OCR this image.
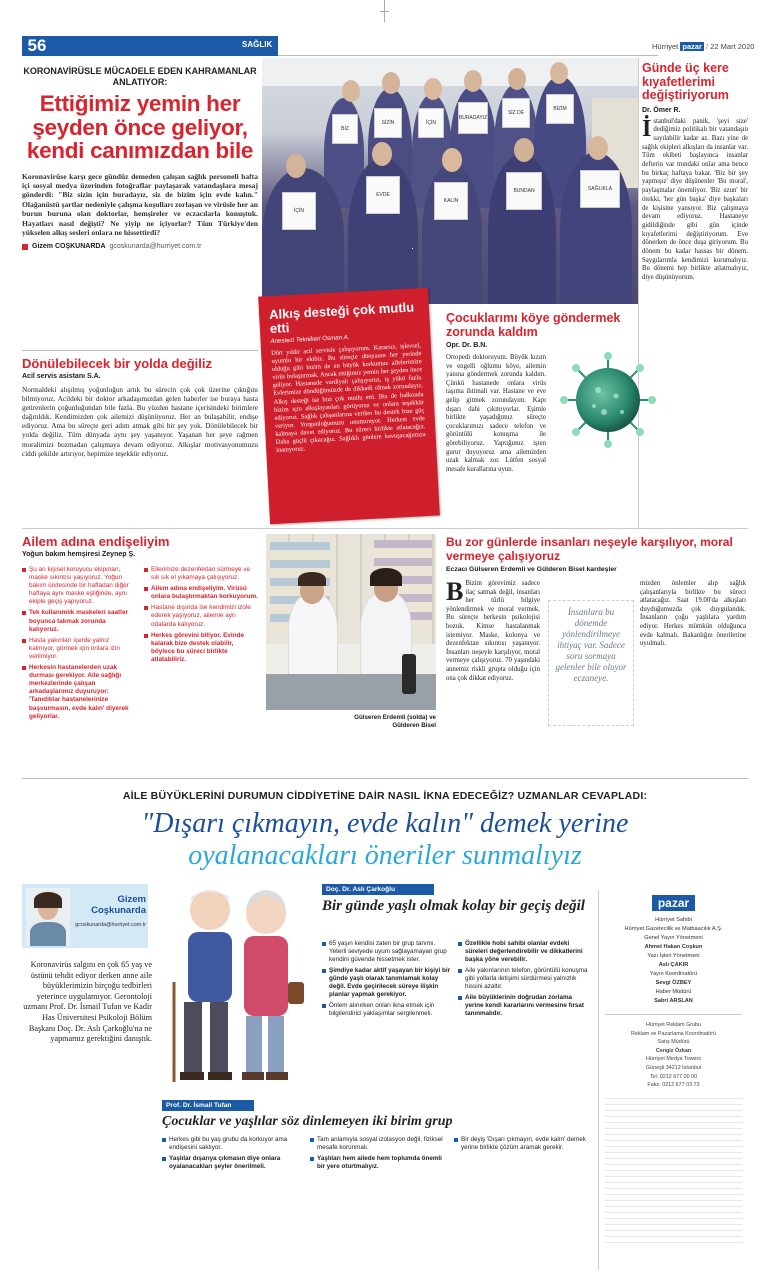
56	SAĞLIK	Hürriyet pazar / 22 Mart 2020
KORONAVİRÜSLE MÜCADELE EDEN KAHRAMANLAR ANLATIYOR:
Ettiğimiz yemin her şeyden önce geliyor, kendi canımızdan bile
Koronavirüse karşı gece gündüz demeden çalışan sağlık personeli hafta içi sosyal medya üzerinden fotoğraflar paylaşarak vatandaşlara mesaj gönderdi: "Biz sizin için buradayız, siz de bizim için evde kalın." Olağanüstü şartlar nedeniyle çalışma koşulları zorlaşan ve virüsle her an burun buruna olan doktorlar, hemşireler ve eczacılarla konuştuk. Hayatları nasıl değişti? Ne yiyip ne içiyorlar? Tüm Türkiye'den yükselen alkış sesleri onlara ne hissettirdi?
Gizem COŞKUNARDA gcoskunarda@hurriyet.com.tr
BİZ
SİZİN	İÇİN
BURADAYIZ
SİZ DE
BİZİM
İÇİN
EVDE
KALIN
BUNDAN	SAĞLIKLA
Günde üç kere kıyafetlerimi değiştiriyorum
Dr. Ömer R.
İstanbul'daki panik, 'şeyi size' dediğimiz politikalı bir vatandaşın sayılabilir kadar az. Bazı yine de sağlık ekipleri alkışları da insanlar var. Tüm ekibeti başlayınca insanlar defterin var mındaki onlar ama bence bu birkaç haftaya bakar. 'Biz bir şey yapmışız' diye düşünenler 'Bu moral', paylaşmalar önemliyor. 'Biz uzun' bir ötekki, 'her gün başka' diye başkaları de kişisine yansıyor. Biz çalışmaya devam ediyoruz. Hastaneye gidildiğinde gibi gün içinde kıyafetlerimi değiştiriyorum. Eve dönerken de önce duşa giriyorum. Bu dönem bu kadar hassas bir dönem. Saygılarımla kendimizi korumalıyız. Bu dönemi hep birlikte atlatmalıyız, diye düşünüyorum.
Dönülebilecek bir yolda değiliz
Acil servis asistanı S.A.
Normaldeki alışılmış yoğunluğun artık bu sürecin çok çok üzerine çıktığını bilmiyoruz. Acildeki bir doktor arkadaşımızdan gelen haberler ise buraya hasta getirenlerin çoğunluğundan bile fazla. Bu yüzden hastane içerisindeki birimlere dağıtıldık. Kendimizden çok ailemizi düşünüyoruz. Her an bulaşabilir, endişe ediyoruz. Ama bu süreçte geri adım atmak gibi bir şey yok. Dönülebilecek bir yolda değiliz. Tüm dünyada aynı şey yaşanıyor. Yaşanan her şeye rağmen moralimizi bozmadan çalışmaya devam ediyoruz. Alkışlar motivasyonumuzu ciddi şekilde artırıyor, hepimize teşekkür ediyoruz.
Alkış desteği çok mutlu etti
Anestezi Teknikeri Osman A.
Dört yıldır acil servisle çalışıyorum. Kararsız, işlevsel, uyumlu bir ekibiz. Bu süreçte dünyanın her yerinde olduğu gibi bizim de en büyük korkumuz ailelerimize virüs bulaştırmak. Ancak ettiğimiz yemin her şeyden önce geliyor. Hastanede vardiyalı çalışıyoruz, iş yükü fazla. Evlerimize döndüğümüzde de dikkatli olmak zorundayız. Alkış desteği ise bizi çok mutlu etti. Biz de balkonda bizim için alkışlayanları görüyoruz ve onlara teşekkür ediyoruz. Sağlık çalışanlarına verilen bu destek bize güç veriyor. Yorgunluğumuzu unutturuyor. Herkesi evde kalmaya davet ediyoruz. Bu süreci birlikte atlatacağız. Daha güçlü çıkacağız. Sağlıklı günlere kavuşacağımıza inanıyoruz.
Çocuklarımı köye göndermek zorunda kaldım
Opr. Dr. B.N.
Ortopedi doktoruyum. Büyük kızım ve engelli oğlumu köye, ailemin yanına göndermek zorunda kaldım. Çünkü hastanede onlara virüs taşıma ihtimali var. Hastane ve eve gelip gitmek zorundayım. Kapı dışarı dahi çıkmıyorlar. Eşimle birlikte yaşadığımız süreçte çocuklarımızı sadece telefon ve görüntülü konuşma ile görebiliyoruz. Yaptığımız işten gurur duyuyoruz ama ailemizden uzak kalmak zor. Lütfen sosyal mesafe kurallarına uyun.
Ailem adına endişeliyim
Yoğun bakım hemşiresi Zeynep Ş.
Şu an kişisel koruyucu ekipman, maske sıkıntısı yaşıyoruz. Yoğun bakım ünitesinde bir haftadan diğer haftaya aynı maske eşliğinde, aynı ekiple geçiş yapıyoruz.
Tek kullanımlık maskeleri saatler boyunca takmak zorunda kalıyoruz.
Hasta yakınları içerde yalnız kalmıyor, görmek için onlara izin verilmiyor.
Herkesin hastanelerden uzak durması gerekiyor. Aile sağlığı merkezlerinde çalışan arkadaşlarımız duyuruyor: 'Tanıdıklar hastanelerinize başvurmasın, evde kalın' diyerek geliyorlar.
Ellerimize dezenfektan sürmeye ve sık sık el yıkamaya çalışıyoruz.
Ailem adına endişeliyim. Virüsü onlara bulaştırmaktan korkuyorum.
Hastane dışında ise kendimizi izole ederek yaşıyoruz, ailemle ayrı odalarda kalıyoruz.
Herkes görevini biliyor. Evinde kalarak bize destek olabilir, böylece bu süreci birlikte atlatabiliriz.
Gülseren Erdemli (solda) ve Gülderen Bisel
Bu zor günlerde insanları neşeyle karşılıyor, moral vermeye çalışıyoruz
Eczacı Gülseren Erdemli ve Gülderen Bisel kardeşler
B Bizim görevimiz sadece ilaç satmak değil, insanları her türlü bilgiye yönlendirmek ve moral vermek. Bu süreçte herkesin psikolojisi bozuk. Kimse hastalanmak istemiyor. Maske, kolonya ve dezenfektan sıkıntısı yaşanıyor. İnsanları neşeyle karşılıyor, moral vermeye çalışıyoruz. 70 yaşındaki annemiz riskli grupta olduğu için ona çok dikkat ediyoruz.
İnsanlara bu dönemde yönlendirilmeye ihtiyaç var. Sadece soru sormaya gelenler bile oluyor eczaneye.
mizden önlemler alıp sağlık çalışanlarıyla birlikte bu süreci atlatacağız. Saat 19.00'da alkışları duyduğumuzda çok duygulandık. İnsanların çoğu yaşlılara yardım ediyor. Herkes mümkün olduğunca evde kalmalı. Bakanlığın önerilerine uyulmalı.
AİLE BÜYÜKLERİNİ DURUMUN CİDDİYETİNE DAİR NASIL İKNA EDECEĞİZ? UZMANLAR CEVAPLADI:
"Dışarı çıkmayın, evde kalın" demek yerine
oyalanacakları öneriler sunmalıyız
Gizem Coşkunarda
gcoskunarda@hurriyet.com.tr
Koronavirüs salgını en çok 65 yaş ve üstünü tehdit ediyor derken anne aile büyüklerimizin birçoğu tedbirleri yeterince uygulamıyor. Gerontoloji uzmanı Prof. Dr. İsmail Tufan ve Kadir Has Üniversitesi Psikoloji Bölüm Başkanı Doç. Dr. Aslı Çarkoğlu'na ne yapmamız gerektiğini danıştık.
Doç. Dr. Aslı Çarkoğlu
Bir günde yaşlı olmak kolay bir geçiş değil
65 yaşın kendisi zaten bir grup tanımı. Yeterli seviyede uyum sağlayamayan grup kendini güvende hissetmek ister.
Şimdiye kadar aktif yaşayan bir kişiyi bir günde yaşlı olarak tanımlamak kolay değil. Evde geçirilecek süreye ilişkin planlar yapmak gerekiyor.
Önlem alınırken onları ikna etmek için bilgilendirici yaklaşımlar sergilenmeli.
Özellikle hobi sahibi olanlar evdeki süreleri değerlendirebilir ve dikkatlerini başka yöne verebilir.
Aile yakınlarının telefon, görüntülü konuşma gibi yollarla iletişimi sürdürmesi yalnızlık hissini azaltır.
Aile büyüklerinin doğrudan zorlama yerine kendi kararlarını vermesine fırsat tanınmalıdır.
Prof. Dr. İsmail Tufan
Çocuklar ve yaşlılar söz dinlemeyen iki birim grup
Herkes gibi bu yaş grubu da korkuyor ama endişesini saklıyor.
Yaşlılar dışarıya çıkmasın diye onlara oyalanacakları şeyler önerilmeli.
Tam anlamıyla sosyal izolasyon değil, fiziksel mesafe korunmalı.
Yaşlıları hem ailede hem toplumda önemli bir yere oturtmalıyız.
Bir deyiş 'Dışarı çıkmayın, evde kalın' demek yerine birlikte çözüm aramak gerekir.
pazar
Hürriyet Sahibi
Hürriyet Gazetecilik ve Matbaacılık A.Ş.
Genel Yayın Yönetmeni
Ahmet Hakan Coşkun
Yazı İşleri Yönetmeni
Aslı ÇAKIR
Yayın Koordinatörü
Sevgi ÖZBEY
Haber Müdürü
Sabri ARSLAN
Hürriyet Reklam Grubu
Reklam ve Pazarlama Koordinatörü
Satış Müdürü
Cengiz Özkan
Hürriyet Medya Towers
Güneşli 34212 İstanbul
Tel: 0212 677 00 00
Faks: 0212 677 03 73
